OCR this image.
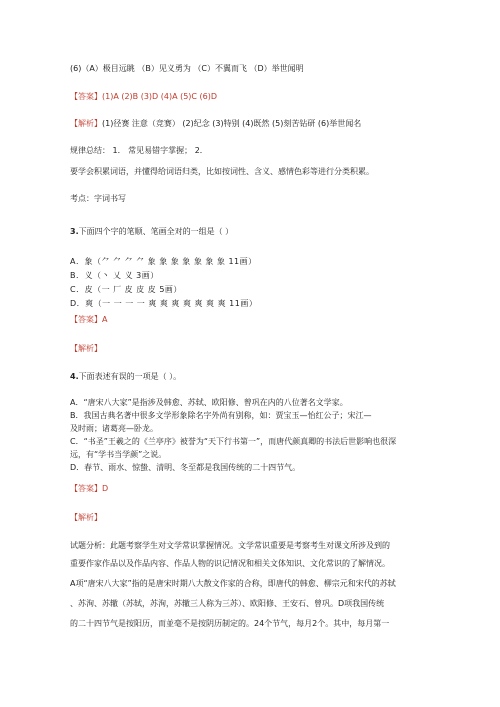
(6)（A）极目远眺 （B）见义勇为 （C）不翼而飞 （D）举世闻明
【答案】(1)A (2)B (3)D (4)A (5)C (6)D
【解析】(1)径赛 注意（竞赛） (2)纪念 (3)特别 (4)既然 (5)刻苦钻研 (6)举世闻名
规律总结： 1． 常见易错字掌握； 2．
要学会积累词语，并懂得给词语归类，比如按词性、含义、感情色彩等进行分类积累。
考点：字词书写
3.下面四个字的笔顺、笔画全对的一组是（ ）
A．象（⺈ ⺈ ⺈ ⺈ 象 象 象 象 象 象 象 11画）
B．义（丶 乂 义 3画）
C．皮（⼀ ⼚ 皮 皮 皮 5画）
D．爽（⼀ ⼀ ⼀ ⼀ 爽 爽 爽 爽 爽 爽 爽 11画）
【答案】A
【解析】
4.下面表述有误的一项是（ ）。
A．“唐宋八大家”是指涉及韩愈、苏轼、欧阳修、曾巩在内的八位著名文学家。
B．我国古典名著中很多文学形象除名字外尚有别称，如：贾宝玉—怡红公子；宋江—
及时雨；诸葛亮—卧龙。
C．“书圣”王羲之的《兰亭序》被誉为“天下行书第一”，而唐代颜真卿的书法后世影响也很深
远，有“学书当学颜”之说。
D．春节、雨水、惊蛰、清明、冬至都是我国传统的二十四节气。
【答案】D
【解析】
试题分析：此题考察学生对文学常识掌握情况。文学常识重要是考察考生对课文所涉及到的
重要作家作品以及作品内容、作品人物的识记情况和相关文体知识、文化常识的了解情况。
A项“唐宋八大家”指的是唐宋时期八大散文作家的合称，即唐代的韩愈、柳宗元和宋代的苏轼
、苏洵、苏辙（苏轼，苏洵，苏辙三人称为三苏）、欧阳修、王安石、曾巩。D项我国传统
的二十四节气是按阳历，而並毫不是按阴历制定的。24个节气，每月2个。其中，每月第一
